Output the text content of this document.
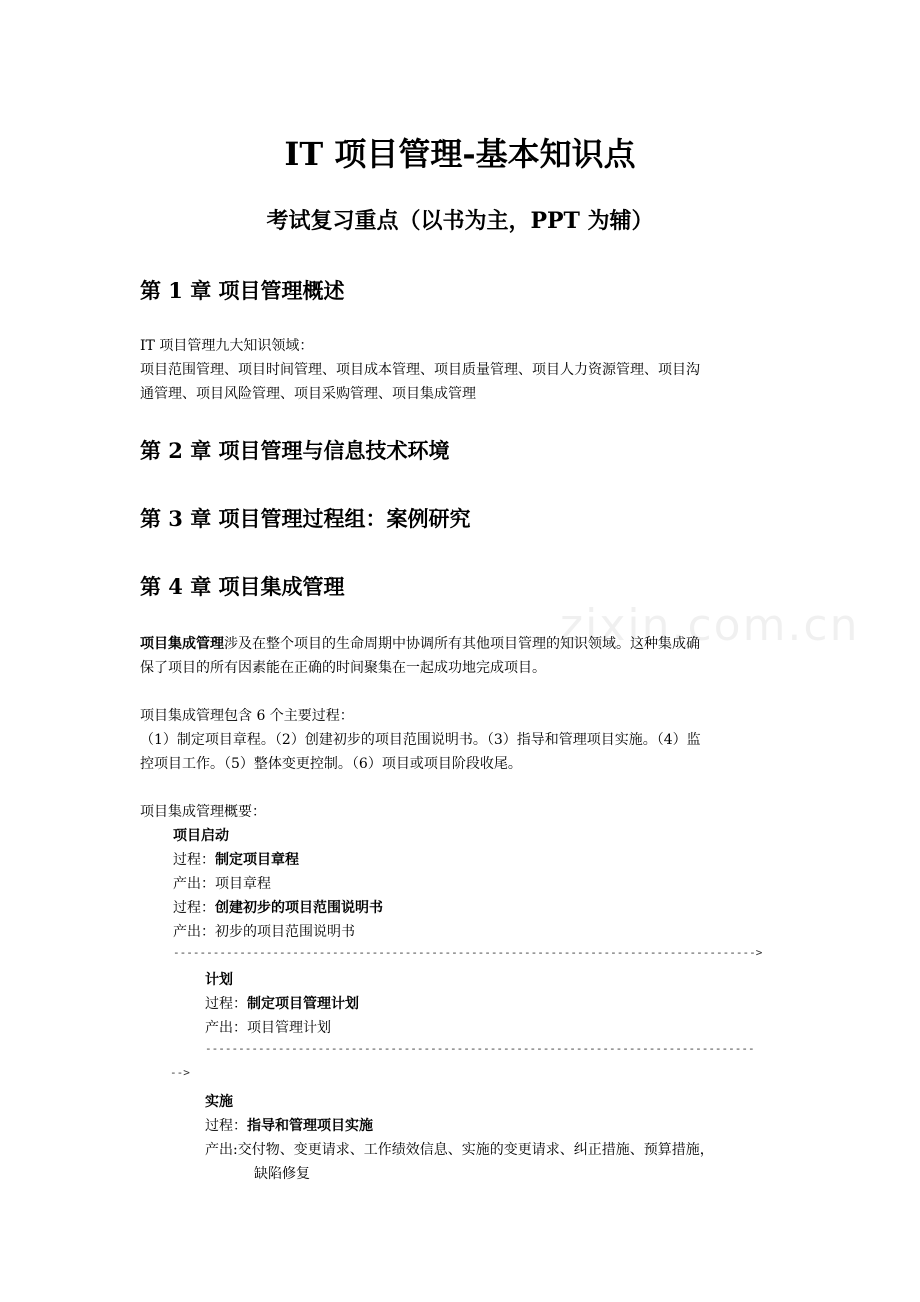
zixin.com.cn
IT 项目管理-基本知识点
考试复习重点（以书为主，PPT 为辅）
第 1 章 项目管理概述
IT 项目管理九大知识领域：
项目范围管理、项目时间管理、项目成本管理、项目质量管理、项目人力资源管理、项目沟
通管理、项目风险管理、项目采购管理、项目集成管理
第 2 章 项目管理与信息技术环境
第 3 章 项目管理过程组：案例研究
第 4 章 项目集成管理
项目集成管理涉及在整个项目的生命周期中协调所有其他项目管理的知识领域。这种集成确
保了项目的所有因素能在正确的时间聚集在一起成功地完成项目。
项目集成管理包含 6 个主要过程：
（1）制定项目章程。（2）创建初步的项目范围说明书。（3）指导和管理项目实施。（4）监
控项目工作。（5）整体变更控制。（6）项目或项目阶段收尾。
项目集成管理概要：
项目启动
过程：制定项目章程
产出：项目章程
过程：创建初步的项目范围说明书
产出：初步的项目范围说明书
---------------------------------------------------------------------------------------->
计划
过程：制定项目管理计划
产出：项目管理计划
-----------------------------------------------------------------------------------
-->
实施
过程：指导和管理项目实施
产出:交付物、变更请求、工作绩效信息、实施的变更请求、纠正措施、预算措施，
缺陷修复
